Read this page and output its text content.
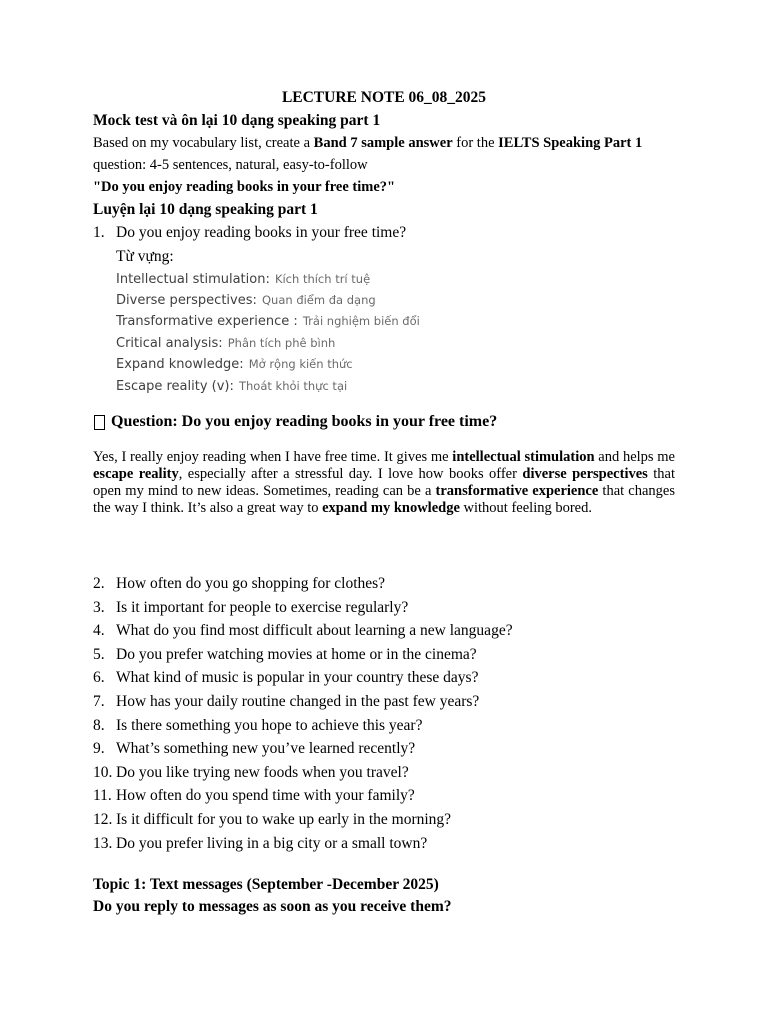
LECTURE NOTE 06_08_2025
Mock test và ôn lại 10 dạng speaking part 1
Based on my vocabulary list, create a Band 7 sample answer for the IELTS Speaking Part 1 question: 4-5 sentences, natural, easy-to-follow
"Do you enjoy reading books in your free time?"
Luyện lại 10 dạng speaking part 1
1. Do you enjoy reading books in your free time?
Từ vựng:
Intellectual stimulation: Kích thích trí tuệ
Diverse perspectives: Quan điểm đa dạng
Transformative experience : Trải nghiệm biến đổi
Critical analysis: Phân tích phê bình
Expand knowledge: Mở rộng kiến thức
Escape reality (v): Thoát khỏi thực tại
Question: Do you enjoy reading books in your free time?
Yes, I really enjoy reading when I have free time. It gives me intellectual stimulation and helps me escape reality, especially after a stressful day. I love how books offer diverse perspectives that open my mind to new ideas. Sometimes, reading can be a transformative experience that changes the way I think. It’s also a great way to expand my knowledge without feeling bored.
2. How often do you go shopping for clothes?
3. Is it important for people to exercise regularly?
4. What do you find most difficult about learning a new language?
5. Do you prefer watching movies at home or in the cinema?
6. What kind of music is popular in your country these days?
7. How has your daily routine changed in the past few years?
8. Is there something you hope to achieve this year?
9. What’s something new you’ve learned recently?
10. Do you like trying new foods when you travel?
11. How often do you spend time with your family?
12. Is it difficult for you to wake up early in the morning?
13. Do you prefer living in a big city or a small town?
Topic 1: Text messages (September -December 2025)
Do you reply to messages as soon as you receive them?
